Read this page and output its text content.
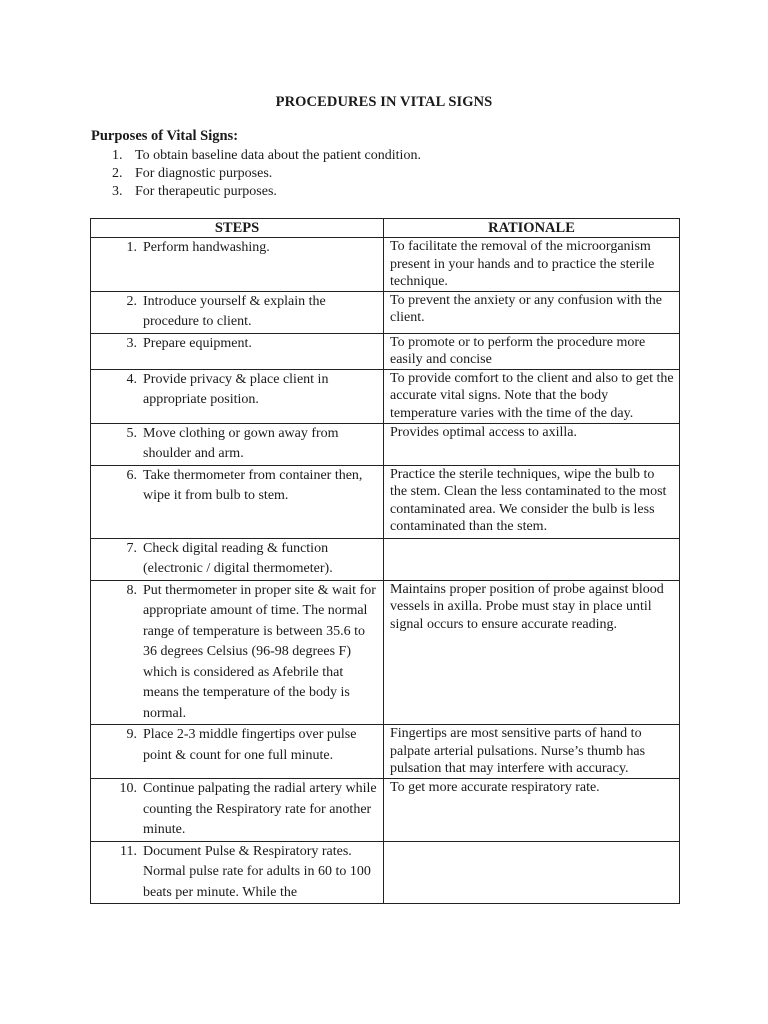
PROCEDURES IN VITAL SIGNS
Purposes of Vital Signs:
1. To obtain baseline data about the patient condition.
2. For diagnostic purposes.
3. For therapeutic purposes.
STEPS	RATIONALE

1. Perform handwashing.	To facilitate the removal of the microorganism present in your hands and to practice the sterile technique.

2. Introduce yourself & explain the procedure to client.	To prevent the anxiety or any confusion with the client.

3. Prepare equipment.	To promote or to perform the procedure more easily and concise

4. Provide privacy & place client in appropriate position.	To provide comfort to the client and also to get the accurate vital signs. Note that the body temperature varies with the time of the day.

5. Move clothing or gown away from shoulder and arm.	Provides optimal access to axilla.

6. Take thermometer from container then, wipe it from bulb to stem.	Practice the sterile techniques, wipe the bulb to the stem. Clean the less contaminated to the most contaminated area. We consider the bulb is less contaminated than the stem.

7. Check digital reading & function (electronic / digital thermometer).	

8. Put thermometer in proper site & wait for appropriate amount of time. The normal range of temperature is between 35.6 to 36 degrees Celsius (96-98 degrees F) which is considered as Afebrile that means the temperature of the body is normal.	Maintains proper position of probe against blood vessels in axilla. Probe must stay in place until signal occurs to ensure accurate reading.

9. Place 2-3 middle fingertips over pulse point & count for one full minute.	Fingertips are most sensitive parts of hand to palpate arterial pulsations. Nurse’s thumb has pulsation that may interfere with accuracy.

10. Continue palpating the radial artery while counting the Respiratory rate for another minute.	To get more accurate respiratory rate.

11. Document Pulse & Respiratory rates. Normal pulse rate for adults in 60 to 100 beats per minute. While the	
